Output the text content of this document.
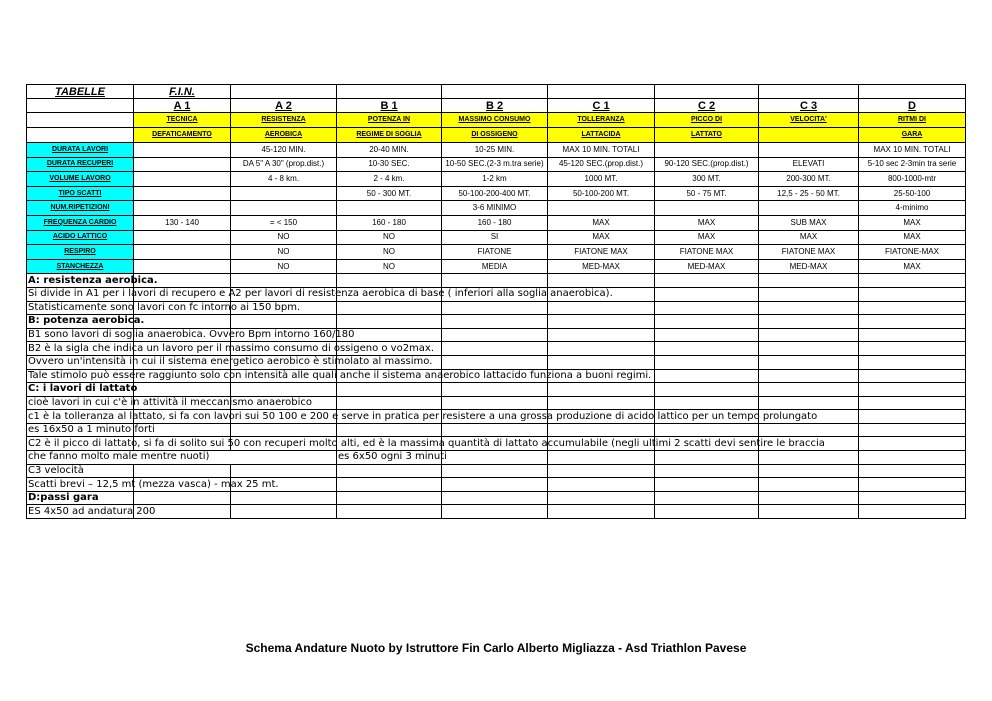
TABELLE	F.I.N.							
	A 1	A 2	B 1	B 2	C 1	C 2	C 3	D
	TECNICA	RESISTENZA	POTENZA IN	MASSIMO CONSUMO	TOLLERANZA	PICCO DI	VELOCITA'	RITMI DI
	DEFATICAMENTO	AEROBICA	REGIME DI SOGLIA	DI OSSIGENO	LATTACIDA	LATTATO		GARA
DURATA LAVORI		45-120 MIN.	20-40 MIN.	10-25 MIN.	MAX 10 MIN. TOTALI			MAX 10 MIN. TOTALI
DURATA RECUPERI		DA 5" A 30" (prop.dist.)	10-30 SEC.	10-50 SEC.(2-3 m.tra serie)	45-120 SEC.(prop.dist.)	90-120 SEC.(prop.dist.)	ELEVATI	5-10 sec 2-3min tra serie
VOLUME LAVORO		4 - 8 km.	2 - 4 km.	1-2 km	1000 MT.	300 MT.	200-300 MT.	800-1000-mtr
TIPO SCATTI			50 - 300 MT.	50-100-200-400 MT.	50-100-200 MT.	50 - 75 MT.	12,5 - 25 - 50 MT.	25-50-100
NUM.RIPETIZIONI				3-6 MINIMO				4-minimo
FREQUENZA CARDIO	130 - 140	= < 150	160 - 180	160 - 180	MAX	MAX	SUB MAX	MAX
ACIDO LATTICO		NO	NO	SI	MAX	MAX	MAX	MAX
RESPIRO		NO	NO	FIATONE	FIATONE MAX	FIATONE MAX	FIATONE MAX	FIATONE-MAX
STANCHEZZA		NO	NO	MEDIA	MED-MAX	MED-MAX	MED-MAX	MAX
A: resistenza aerobica.								
Si divide in A1 per i lavori di recupero e A2 per lavori di resistenza aerobica di base ( inferiori alla soglia anaerobica).								
Statisticamente sono lavori con fc intorno ai 150 bpm.								
B: potenza aerobica.								
B1 sono lavori di soglia anaerobica. Ovvero Bpm intorno 160/180								
B2 è la sigla che indica un lavoro per il massimo consumo di ossigeno o vo2max.								
Ovvero un'intensità in cui il sistema energetico aerobico è stimolato al massimo.								
Tale stimolo può essere raggiunto solo con intensità alle quali anche il sistema anaerobico lattacido funziona a buoni regimi.								
C: i lavori di lattato								
cioè lavori in cui c'è in attività il meccanismo anaerobico								
c1 è la tolleranza al lattato, si fa con lavori sui 50 100 e 200 e serve in pratica per resistere a una grossa produzione di acido lattico per un tempo prolungato								
es 16x50 a 1 minuto forti								
C2 è il picco di lattato, si fa di solito sui 50 con recuperi molto alti, ed è la massima quantità di lattato accumulabile (negli ultimi 2 scatti devi sentire le braccia								
che fanno molto male mentre nuoti)			es 6x50 ogni 3 minuti					
C3 velocità								
Scatti brevi – 12,5 mt (mezza vasca) - max 25 mt.								
D:passi gara								
ES 4x50 ad andatura 200								
Schema Andature Nuoto by Istruttore Fin Carlo Alberto Migliazza - Asd Triathlon Pavese
